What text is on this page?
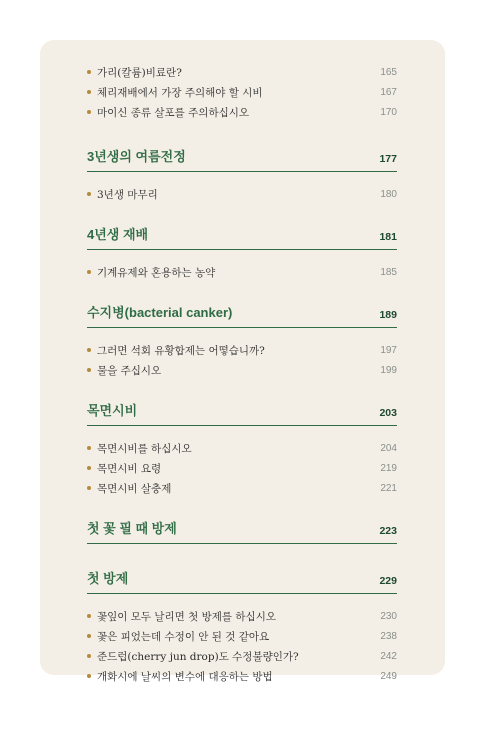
가리(칼륨)비료란?	165
체리재배에서 가장 주의해야 할 시비	167
마이신 종류 살포를 주의하십시오	170
3년생의 여름전정	177
3년생 마무리	180
4년생 재배	181
기계유제와 혼용하는 농약	185
수지병(bacterial canker)	189
그러면 석회 유황합제는 어떻습니까?	197
물을 주십시오	199
목면시비	203
목면시비를 하십시오	204
목면시비 요령	219
목면시비 살충제	221
첫 꽃 필 때 방제	223
첫 방제	229
꽃잎이 모두 날리면 첫 방제를 하십시오	230
꽃은 피었는데 수정이 안 된 것 같아요	238
준드럽(cherry jun drop)도 수정불량인가?	242
개화시에 날씨의 변수에 대응하는 방법	249
